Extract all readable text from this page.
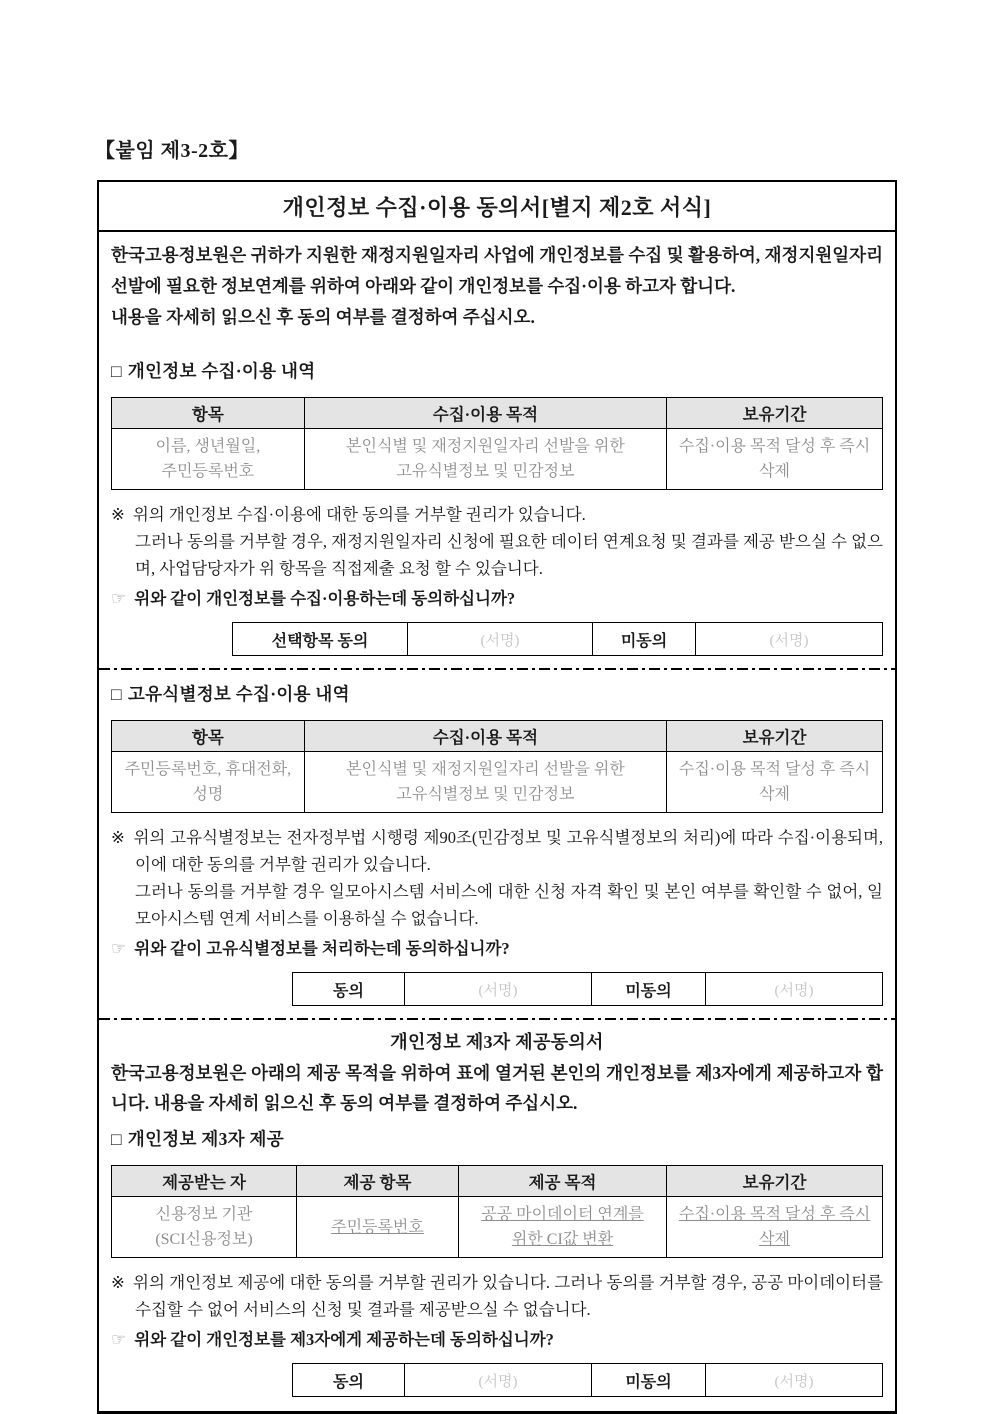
【붙임 제3-2호】
개인정보 수집·이용 동의서[별지 제2호 서식]

한국고용정보원은 귀하가 지원한 재정지원일자리 사업에 개인정보를 수집 및 활용하여, 재정지원일자리 선발에 필요한 정보연계를 위하여 아래와 같이 개인정보를 수집·이용 하고자 합니다.

내용을 자세히 읽으신 후 동의 여부를 결정하여 주십시오.

□ 개인정보 수집·이용 내역
항목	수집·이용 목적	보유기간
이름, 생년월일, 주민등록번호	본인식별 및 재정지원일자리 선발을 위한 고유식별정보 및 민감정보	수집·이용 목적 달성 후 즉시 삭제
※ 위의 개인정보 수집·이용에 대한 동의를 거부할 권리가 있습니다.
그러나 동의를 거부할 경우, 재정지원일자리 신청에 필요한 데이터 연계요청 및 결과를 제공 받으실 수 없으며, 사업담당자가 위 항목을 직접제출 요청 할 수 있습니다.
☞ 위와 같이 개인정보를 수집·이용하는데 동의하십니까?
선택항목 동의	(서명)	미동의	(서명)
□ 고유식별정보 수집·이용 내역
항목	수집·이용 목적	보유기간
주민등록번호, 휴대전화, 성명	본인식별 및 재정지원일자리 선발을 위한 고유식별정보 및 민감정보	수집·이용 목적 달성 후 즉시 삭제
※ 위의 고유식별정보는 전자정부법 시행령 제90조(민감정보 및 고유식별정보의 처리)에 따라 수집·이용되며, 이에 대한 동의를 거부할 권리가 있습니다.
그러나 동의를 거부할 경우 일모아시스템 서비스에 대한 신청 자격 확인 및 본인 여부를 확인할 수 없어, 일모아시스템 연계 서비스를 이용하실 수 없습니다.
☞ 위와 같이 고유식별정보를 처리하는데 동의하십니까?
동의	(서명)	미동의	(서명)
개인정보 제3자 제공동의서

한국고용정보원은 아래의 제공 목적을 위하여 표에 열거된 본인의 개인정보를 제3자에게 제공하고자 합니다. 내용을 자세히 읽으신 후 동의 여부를 결정하여 주십시오.

□ 개인정보 제3자 제공
제공받는 자	제공 항목	제공 목적	보유기간
신용정보 기관(SCI신용정보)	주민등록번호	공공 마이데이터 연계를 위한 CI값 변환	수집·이용 목적 달성 후 즉시 삭제
※ 위의 개인정보 제공에 대한 동의를 거부할 권리가 있습니다. 그러나 동의를 거부할 경우, 공공 마이데이터를 수집할 수 없어 서비스의 신청 및 결과를 제공받으실 수 없습니다.
☞ 위와 같이 개인정보를 제3자에게 제공하는데 동의하십니까?
동의	(서명)	미동의	(서명)
